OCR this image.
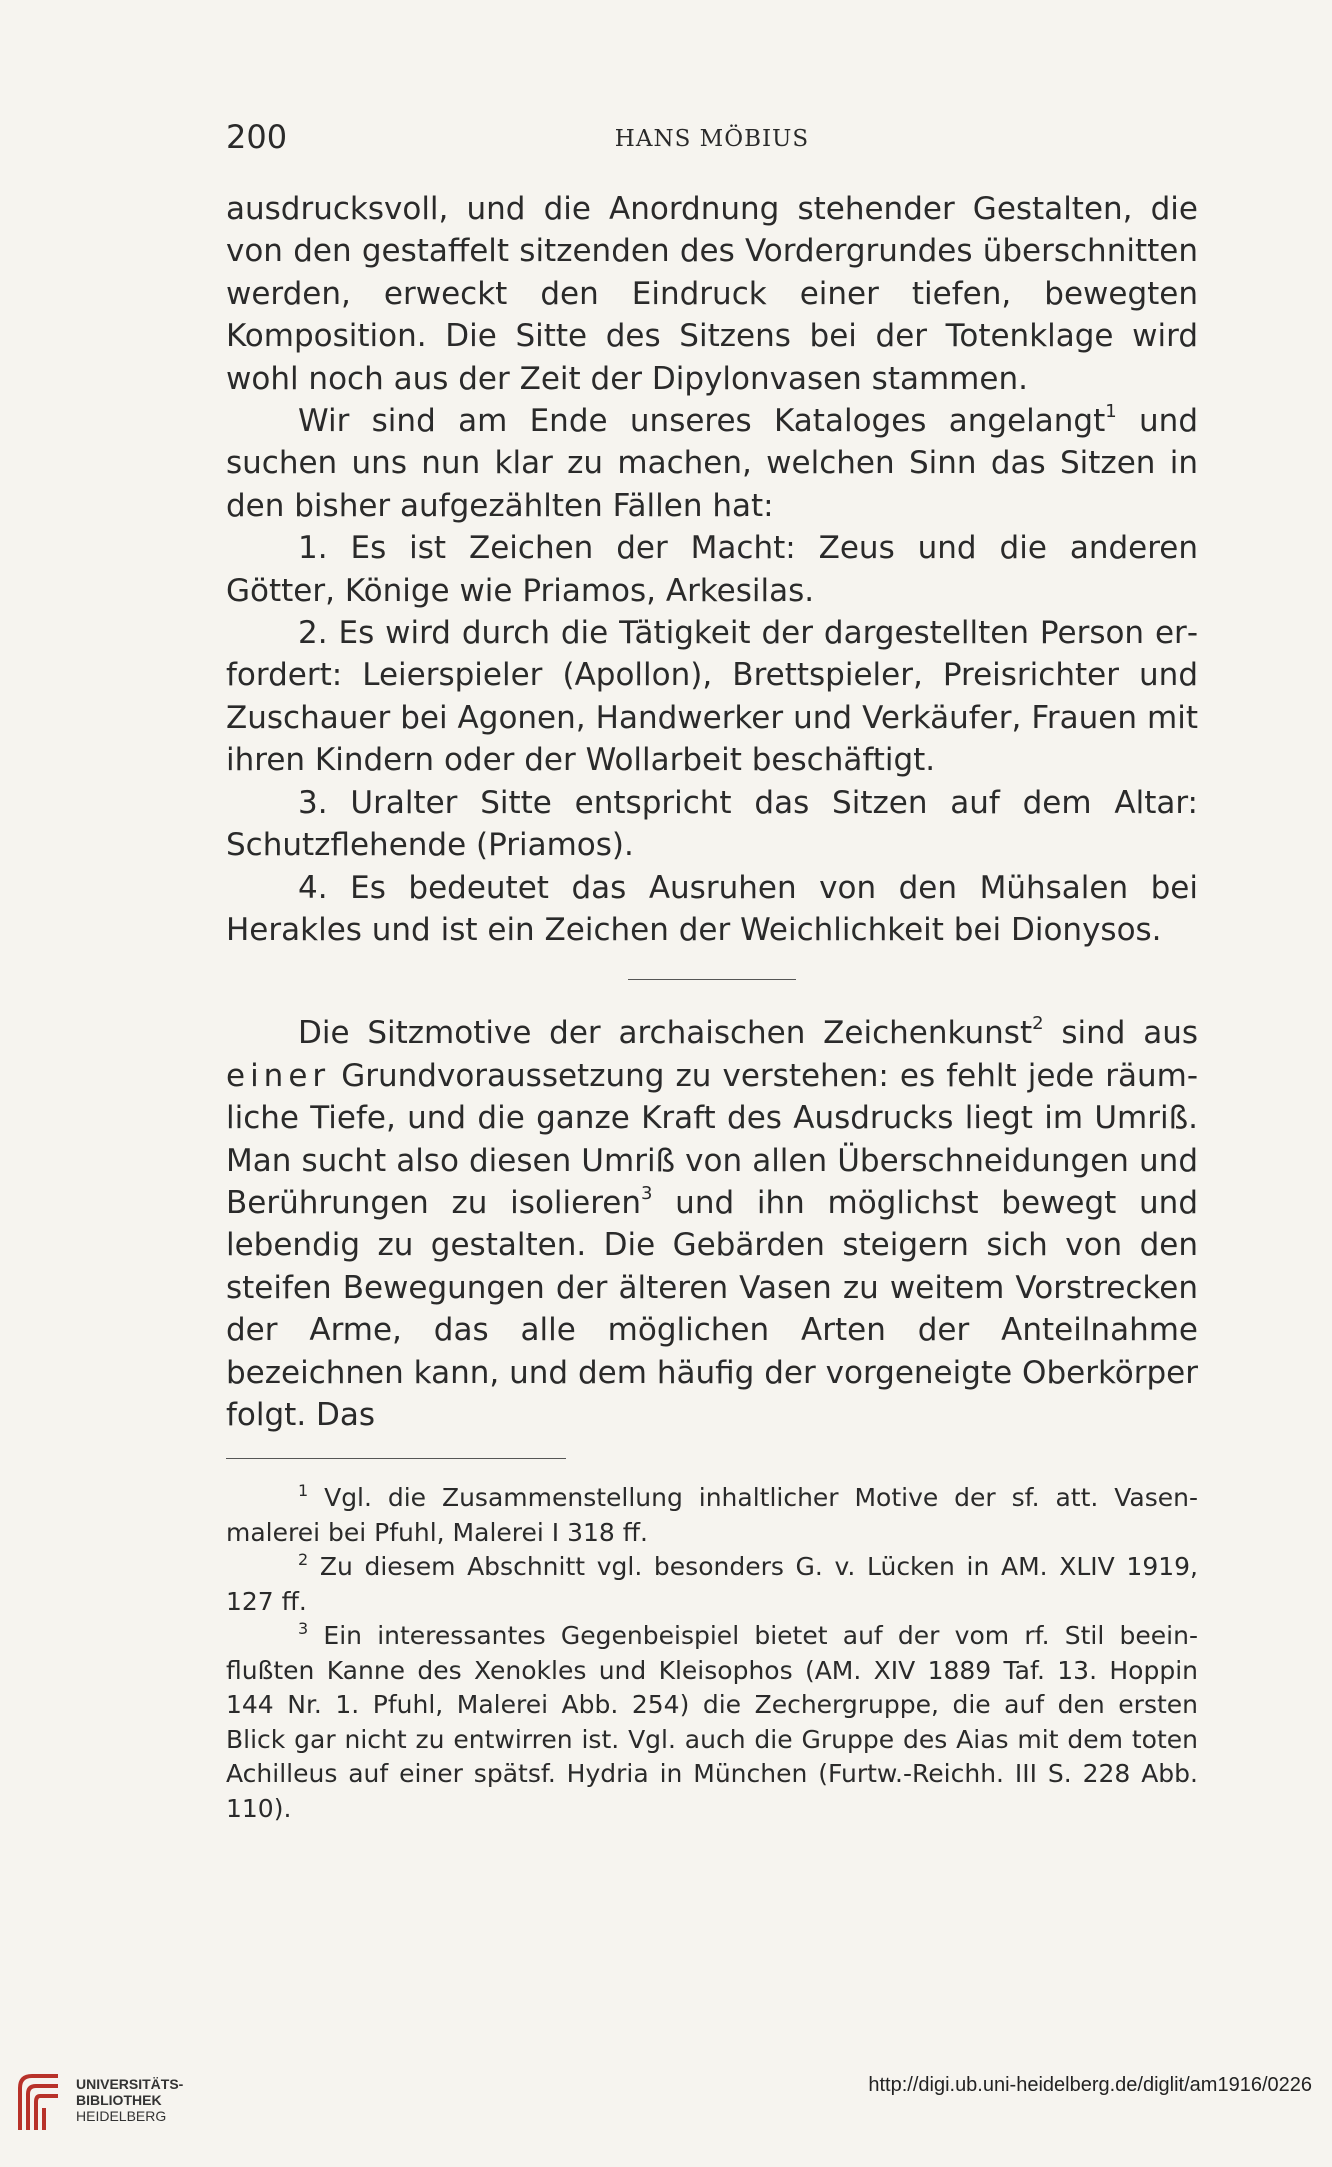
200	HANS MÖBIUS

ausdrucksvoll, und die Anordnung stehender Gestalten, die von den gestaffelt sitzenden des Vordergrundes überschnitten werden, erweckt den Eindruck einer tiefen, bewegten Komposition. Die Sitte des Sitzens bei der Totenklage wird wohl noch aus der Zeit der Dipylonvasen stammen.

Wir sind am Ende unseres Kataloges angelangt$^1$ und suchen uns nun klar zu machen, welchen Sinn das Sitzen in den bisher aufgezählten Fällen hat:

1. Es ist Zeichen der Macht: Zeus und die anderen Götter, Könige wie Priamos, Arkesilas.

2. Es wird durch die Tätigkeit der dargestellten Person erfordert: Leierspieler (Apollon), Brettspieler, Preisrichter und Zuschauer bei Agonen, Handwerker und Verkäufer, Frauen mit ihren Kindern oder der Wollarbeit beschäftigt.

3. Uralter Sitte entspricht das Sitzen auf dem Altar: Schutzflehende (Priamos).

4. Es bedeutet das Ausruhen von den Mühsalen bei Herakles und ist ein Zeichen der Weichlichkeit bei Dionysos.

Die Sitzmotive der archaischen Zeichenkunst$^2$ sind aus einer Grundvoraussetzung zu verstehen: es fehlt jede räumliche Tiefe, und die ganze Kraft des Ausdrucks liegt im Umriß. Man sucht also diesen Umriß von allen Überschneidungen und Berührungen zu isolieren$^3$ und ihn möglichst bewegt und lebendig zu gestalten. Die Gebärden steigern sich von den steifen Bewegungen der älteren Vasen zu weitem Vorstrecken der Arme, das alle möglichen Arten der Anteilnahme bezeichnen kann, und dem häufig der vorgeneigte Oberkörper folgt. Das

$^1$ Vgl. die Zusammenstellung inhaltlicher Motive der sf. att. Vasenmalerei bei Pfuhl, Malerei I 318 ff.

$^2$ Zu diesem Abschnitt vgl. besonders G. v. Lücken in AM. XLIV 1919, 127 ff.

$^3$ Ein interessantes Gegenbeispiel bietet auf der vom rf. Stil beeinflußten Kanne des Xenokles und Kleisophos (AM. XIV 1889 Taf. 13. Hoppin 144 Nr. 1. Pfuhl, Malerei Abb. 254) die Zechergruppe, die auf den ersten Blick gar nicht zu entwirren ist. Vgl. auch die Gruppe des Aias mit dem toten Achilleus auf einer spätsf. Hydria in München (Furtw.-Reichh. III S. 228 Abb. 110).

UNIVERSITÄTS-
BIBLIOTHEK
HEIDELBERG
http://digi.ub.uni-heidelberg.de/diglit/am1916/0226
